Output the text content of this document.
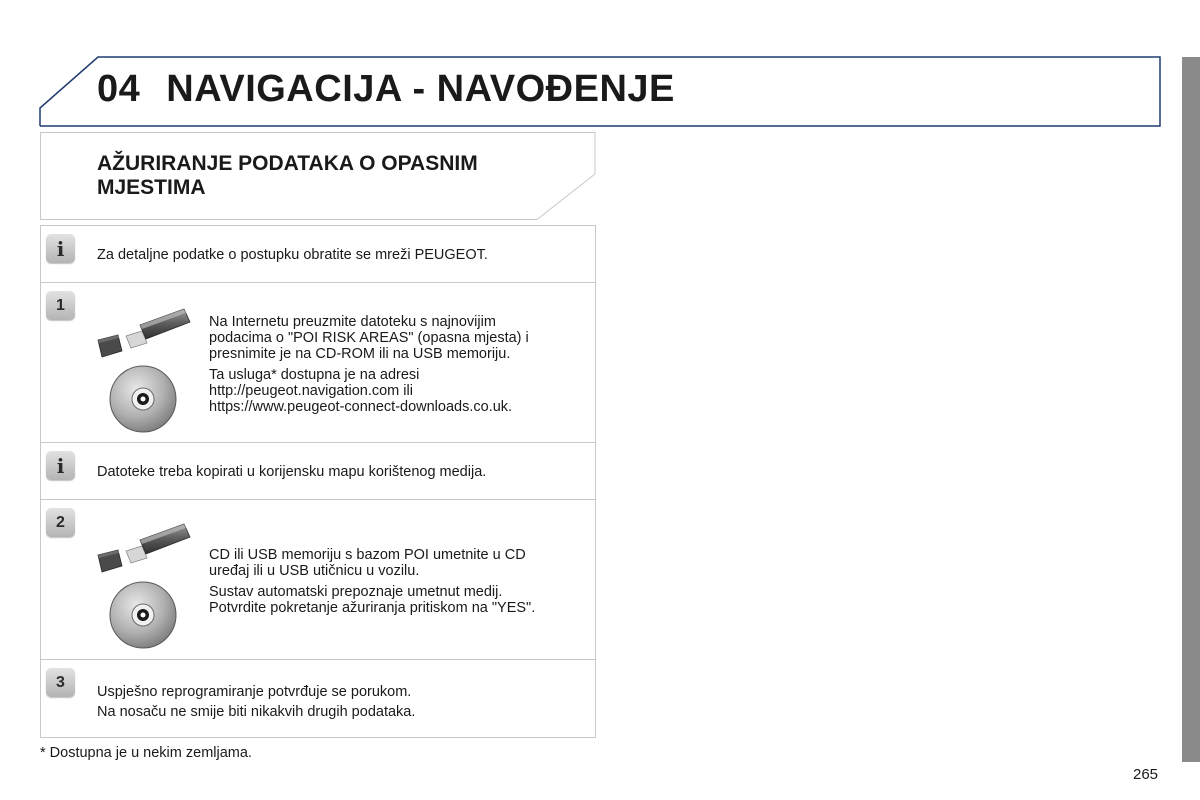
04 NAVIGACIJA - NAVOĐENJE
AŽURIRANJE PODATAKA O OPASNIM
MJESTIMA
i	Za detaljne podatke o postupku obratite se mreži PEUGEOT.

1

Na Internetu preuzmite datoteku s najnovijim

podacima o "POI RISK AREAS" (opasna mjesta) i

presnimite je na CD-ROM ili na USB memoriju.

Ta usluga* dostupna je na adresi

http://peugeot.navigation.com ili

https://www.peugeot-connect-downloads.co.uk.

i	Datoteke treba kopirati u korijensku mapu korištenog medija.

2

CD ili USB memoriju s bazom POI umetnite u CD

uređaj ili u USB utičnicu u vozilu.

Sustav automatski prepoznaje umetnut medij.

Potvrdite pokretanje ažuriranja pritiskom na "YES".

3

Uspješno reprogramiranje potvrđuje se porukom.

Na nosaču ne smije biti nikakvih drugih podataka.

* Dostupna je u nekim zemljama.
265
